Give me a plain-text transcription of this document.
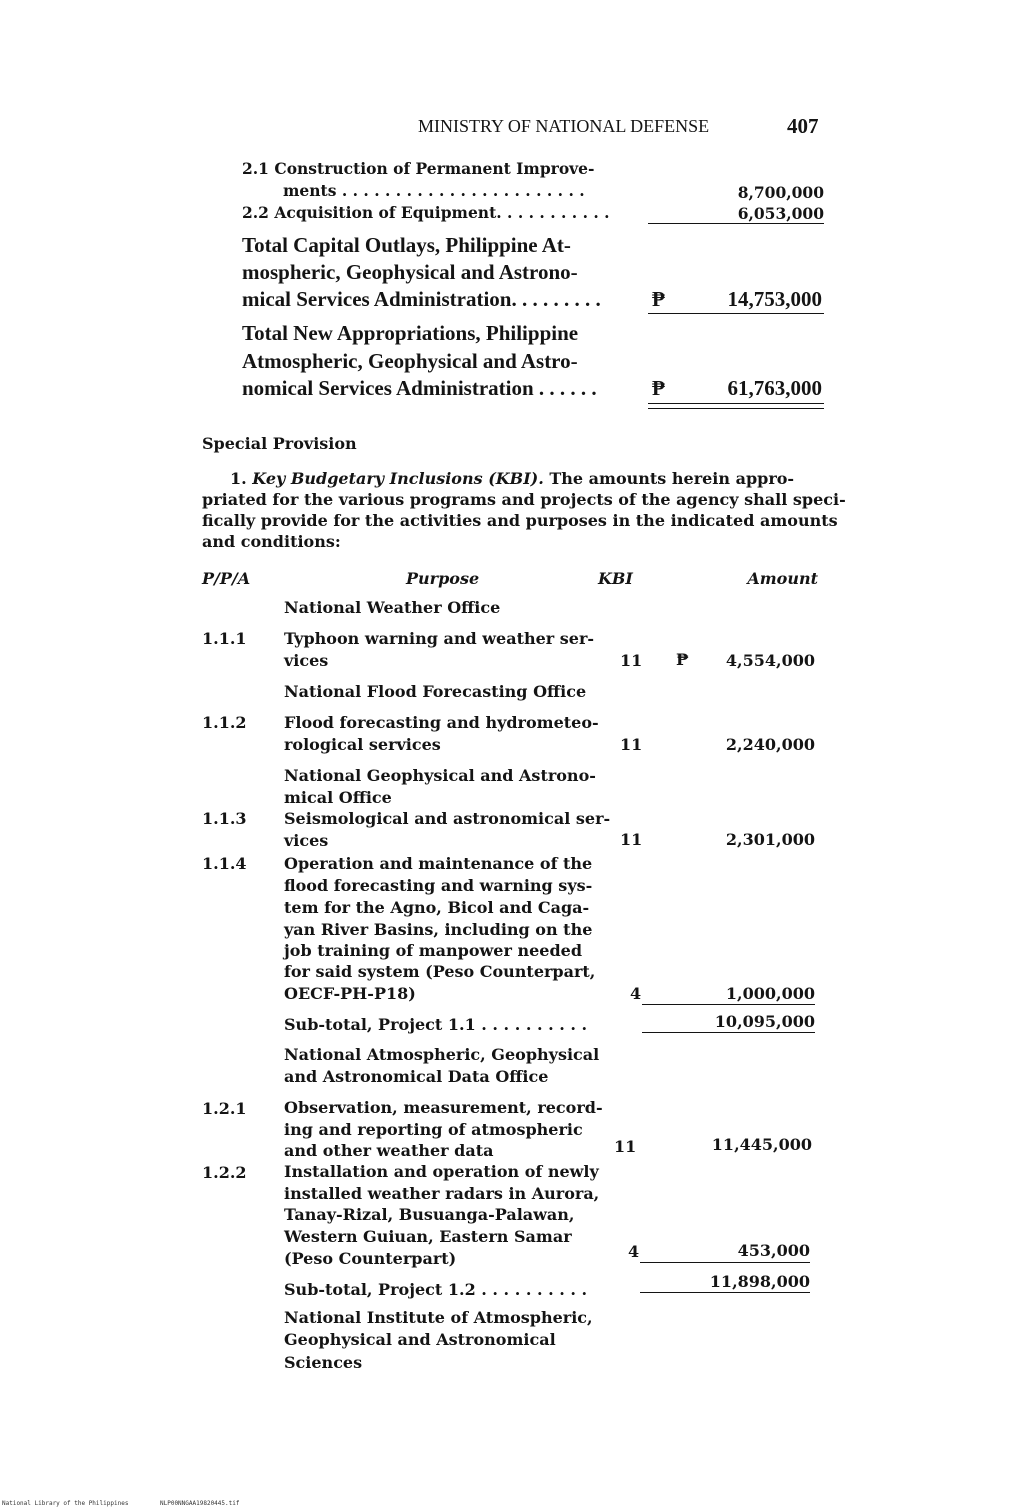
MINISTRY OF NATIONAL DEFENSE	407
2.1 Construction of Permanent Improve-
ments . . . . . . . . . . . . . . . . . . . . . . .	8,700,000
2.2 Acquisition of Equipment. . . . . . . . . . .	6,053,000
Total Capital Outlays, Philippine At-
mospheric, Geophysical and Astrono-
mical Services Administration. . . . . . . . . ₱	14,753,000
Total New Appropriations, Philippine
Atmospheric, Geophysical and Astro-
nomical Services Administration . . . . . .	₱	61,763,000
Special Provision
1. Key Budgetary Inclusions (KBI). The amounts herein appro-
priated for the various programs and projects of the agency shall speci-
fically provide for the activities and purposes in the indicated amounts
and conditions:
P/P/A	Purpose	KBI	Amount
National Weather Office
1.1.1 Typhoon warning and weather ser-
vices	11 ₱	4,554,000
National Flood Forecasting Office
1.1.2 Flood forecasting and hydrometeo-
rological services	11	2,240,000
National Geophysical and Astrono-
mical Office
1.1.3 Seismological and astronomical ser-
vices	11	2,301,000
1.1.4 Operation and maintenance of the
flood forecasting and warning sys-
tem for the Agno, Bicol and Caga-
yan River Basins, including on the
job training of manpower needed
for said system (Peso Counterpart,
OECF-PH-P18)	4	1,000,000
Sub-total, Project 1.1 . . . . . . . . . .	10,095,000
National Atmospheric, Geophysical
and Astronomical Data Office
1.2.1 Observation, measurement, record-
ing and reporting of atmospheric
and other weather data	11	11,445,000
1.2.2 Installation and operation of newly
installed weather radars in Aurora,
Tanay-Rizal, Busuanga-Palawan,
Western Guiuan, Eastern Samar
(Peso Counterpart)	4	453,000
Sub-total, Project 1.2 . . . . . . . . . .	11,898,000
National Institute of Atmospheric,
Geophysical and Astronomical
Sciences
National Library of the Philippines	NLP00NNGAA19820445.tif
